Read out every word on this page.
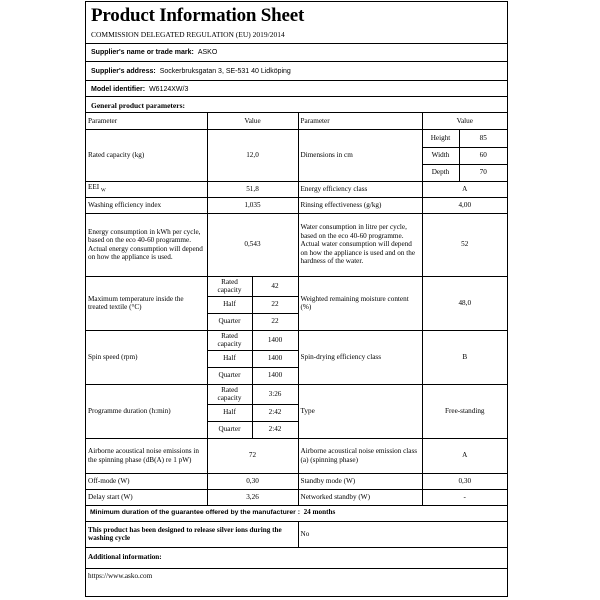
Product Information Sheet
COMMISSION DELEGATED REGULATION (EU) 2019/2014
Supplier's name or trade mark: ASKO
Supplier's address: Sockerbruksgatan 3, SE-531 40 Lidköping
Model identifier: W6124XW/3
General product parameters:
Parameter	Value		Parameter	Value	
Rated capacity (kg)	12,0		Dimensions in cm	Height	85
				Width	60
				Depth	70
EEI $_W$	51,8		Energy efficiency class	A	
Washing efficiency index	1,035		Rinsing effectiveness (g/kg)	4,00	
Energy consumption in kWh per cycle, based on the eco 40-60 programme. Actual energy consumption will depend on how the appliance is used.	0,543		Water consumption in litre per cycle, based on the eco 40-60 programme. Actual water consumption will depend on how the appliance is used and on the hardness of the water.	52	
Maximum temperature inside the treated textile (°C)	Rated capacity	42	Weighted remaining moisture content (%)	48,0	
	Half	22			
	Quarter	22			
Spin speed (rpm)	Rated capacity	1400	Spin-drying efficiency class	B	
	Half	1400			
	Quarter	1400			
Programme duration (h:min)	Rated capacity	3:26	Type	Free-standing	
	Half	2:42			
	Quarter	2:42			
Airborne acoustical noise emissions in the spinning phase (dB(A) re 1 pW)	72		Airborne acoustical noise emission class (a) (spinning phase)	A	
Off-mode (W)	0,30		Standby mode (W)	0,30	
Delay start (W)	3,26		Networked standby (W)	-	
Minimum duration of the guarantee offered by the manufacturer : 24 months					
This product has been designed to release silver ions during the washing cycle			No		
Additional information:					
https://www.asko.com					
